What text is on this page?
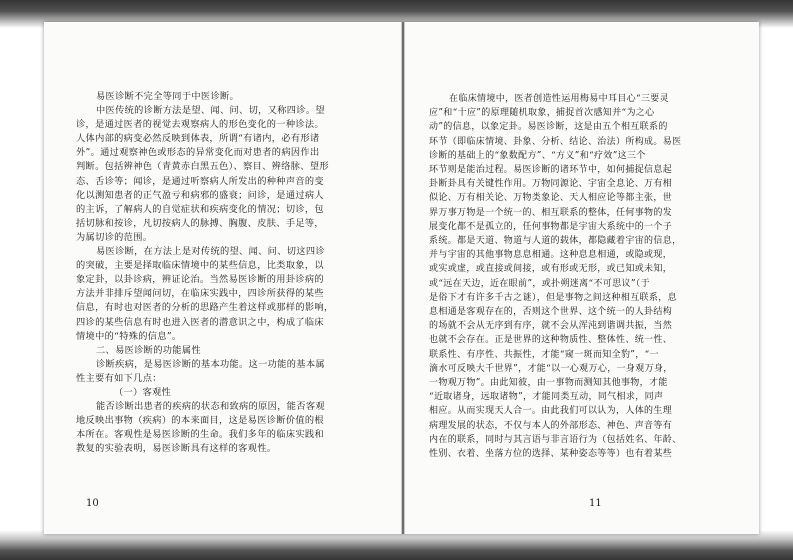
易医诊断不完全等同于中医诊断。

中医传统的诊断方法是望、闻、问、切，又称四诊。望

诊，是通过医者的视觉去观察病人的形色变化的一种诊法。

人体内部的病变必然反映到体表，所谓“有诸内，必有形诸

外”。通过观察神色或形态的异常变化而对患者的病因作出

判断。包括辨神色（青黄赤白黑五色）、察目、辨络脉、望形

态、舌诊等；闻诊，是通过听察病人所发出的种种声音的变

化以测知患者的正气盈亏和病邪的盛衰；问诊，是通过病人

的主诉，了解病人的自觉症状和疾病变化的情况；切诊，包

括切脉和按诊，凡切按病人的脉搏、胸腹、皮肤、手足等，

为属切诊的范围。

易医诊断，在方法上是对传统的望、闻、问、切这四诊

的突破，主要是择取临床情境中的某些信息，比类取象，以

象定卦，以卦诊病，辨证论治。当然易医诊断的用卦诊病的

方法并非排斥望闻问切，在临床实践中，四诊所获得的某些

信息，有时也对医者的分析的思路产生着这样或那样的影响，

四诊的某些信息有时也进入医者的潜意识之中，构成了临床

情境中的“特殊的信息”。

二、易医诊断的功能属性

诊断疾病，是易医诊断的基本功能。这一功能的基本属

性主要有如下几点：

（一）客观性

能否诊断出患者的疾病的状态和致病的原因，能否客观

地反映出事物（疾病）的本来面目，这是易医诊断价值的根

本所在。客观性是易医诊断的生命。我们多年的临床实践和

教复的实验表明，易医诊断具有这样的客观性。

10

在临床情境中，医者创造性运用梅易中耳目心“三要灵

应”和“十应”的原理随机取象，捕捉首次感知并“为之心

动”的信息，以象定卦。易医诊断，这是由五个相互联系的

环节（即临床情境、卦象、分析、结论、治法）所构成。易医

诊断的基础上的“象数配方”、“方义”和“疗效”这三个

环节则是能治过程。易医诊断的诸环节中，如何捕捉信息起

卦断卦具有关键性作用。万物同源论、宇宙全息论、万有相

似论、万有相关论、万物类象论、天人相应论等都主张，世

界万事万物是一个统一的、相互联系的整体，任何事物的发

展变化都不是孤立的，任何事物都是宇宙大系统中的一个子

系统。都是天道、物道与人道的载体，都隐藏着宇宙的信息，

并与宇宙的其他事物息息相通。这种息息相通，或隐或现，

或实或虚，或直接或间接，或有形或无形，或已知或未知，

或“远在天边，近在眼前”，或扑朔迷离“不可思议”（于

是俗下才有许多千古之谜），但是事物之间这种相互联系，息

息相通是客观存在的，否则这个世界、这个统一的人卦结构

的场就不会从无序到有序，就不会从浑沌到谐调共振，当然

也就不会存在。正是世界的这种物质性、整体性、统一性、

联系性、有序性、共振性，才能“窥一斑而知全豹”，“一

滴水可反映大千世界”，才能“以一心观万心，一身观万身，

一物观万物”。由此知彼，由一事物而测知其他事物，才能

“近取诸身，远取诸物”，才能同类互动，同气相求，同声

相应。从而实现天人合一。由此我们可以认为，人体的生理

病理发展的状态，不仅与本人的外部形态、神色、声音等有

内在的联系，同时与其言语与非言语行为（包括姓名、年龄、

性别、衣着、坐落方位的选择、某种姿态等等）也有着某些

11
